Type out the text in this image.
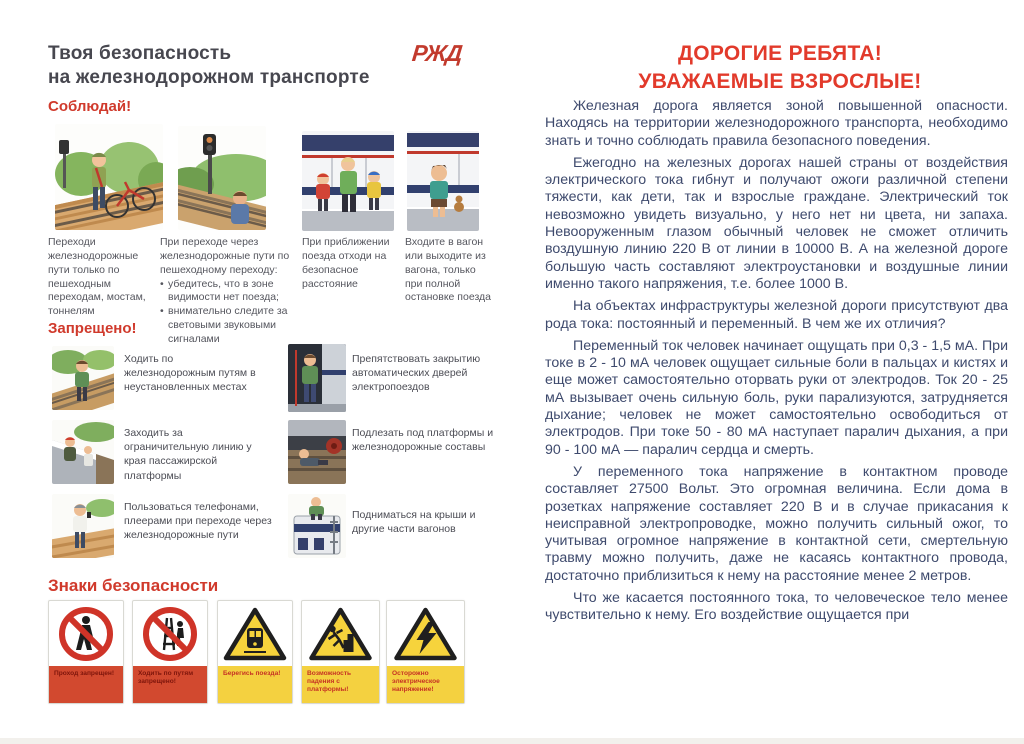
Твоя безопасность
на железнодорожном транспорте
РЖД
Соблюдай!
Переходи железнодорожные пути только по пешеходным переходам, мостам, тоннелям
При переходе через железнодорожные пути по пешеходному переходу:
• убедитесь, что в зоне видимости нет поезда;
• внимательно следите за световыми звуковыми сигналами
При приближении поезда отходи на безопасное расстояние
Входите в вагон или выходите из вагона, только при полной остановке поезда
Запрещено!
Ходить по железнодорожным путям в неустановленных местах
Заходить за ограничительную линию у края пассажирской платформы
Пользоваться телефонами, плеерами при переходе через железнодорожные пути
Препятствовать закрытию автоматических дверей электропоездов
Подлезать под платформы и железнодорожные составы
Подниматься на крыши и другие части вагонов
Знаки безопасности
Проход запрещен!	Ходить по путям запрещено!
Берегись поезда!	Возможность падения с платформы!
Осторожно электрическое напряжение!
ДОРОГИЕ РЕБЯТА!
УВАЖАЕМЫЕ ВЗРОСЛЫЕ!

Железная дорога является зоной повышенной опасности. Находясь на территории железнодорожного транспорта, необходимо знать и точно соблюдать правила безопасного поведения.

Ежегодно на железных дорогах нашей страны от воздействия электрического тока гибнут и получают ожоги различной степени тяжести, как дети, так и взрослые граждане. Электрический ток невозможно увидеть визуально, у него нет ни цвета, ни запаха. Невооруженным глазом обычный человек не сможет отличить воздушную линию 220 В от линии в 10000 В. А на железной дороге большую часть составляют электроустановки и воздушные линии именно такого напряжения, т.е. более 1000 В.

На объектах инфраструктуры железной дороги присутствуют два рода тока: постоянный и переменный. В чем же их отличия?

Переменный ток человек начинает ощущать при 0,3 - 1,5 мА. При токе в 2 - 10 мА человек ощущает сильные боли в пальцах и кистях и еще может самостоятельно оторвать руки от электродов. Ток 20 - 25 мА вызывает очень сильную боль, руки парализуются, затрудняется дыхание; человек не может самостоятельно освободиться от электродов. При токе 50 - 80 мА наступает паралич дыхания, а при 90 - 100 мА — паралич сердца и смерть.

У переменного тока напряжение в контактном проводе составляет 27500 Вольт. Это огромная величина. Если дома в розетках напряжение составляет 220 В и в случае прикасания к неисправной электропроводке, можно получить сильный ожог, то учитывая огромное напряжение в контактной сети, смертельную травму можно получить, даже не касаясь контактного провода, достаточно приблизиться к нему на расстояние менее 2 метров.

Что же касается постоянного тока, то человеческое тело менее чувствительно к нему. Его воздействие ощущается при
